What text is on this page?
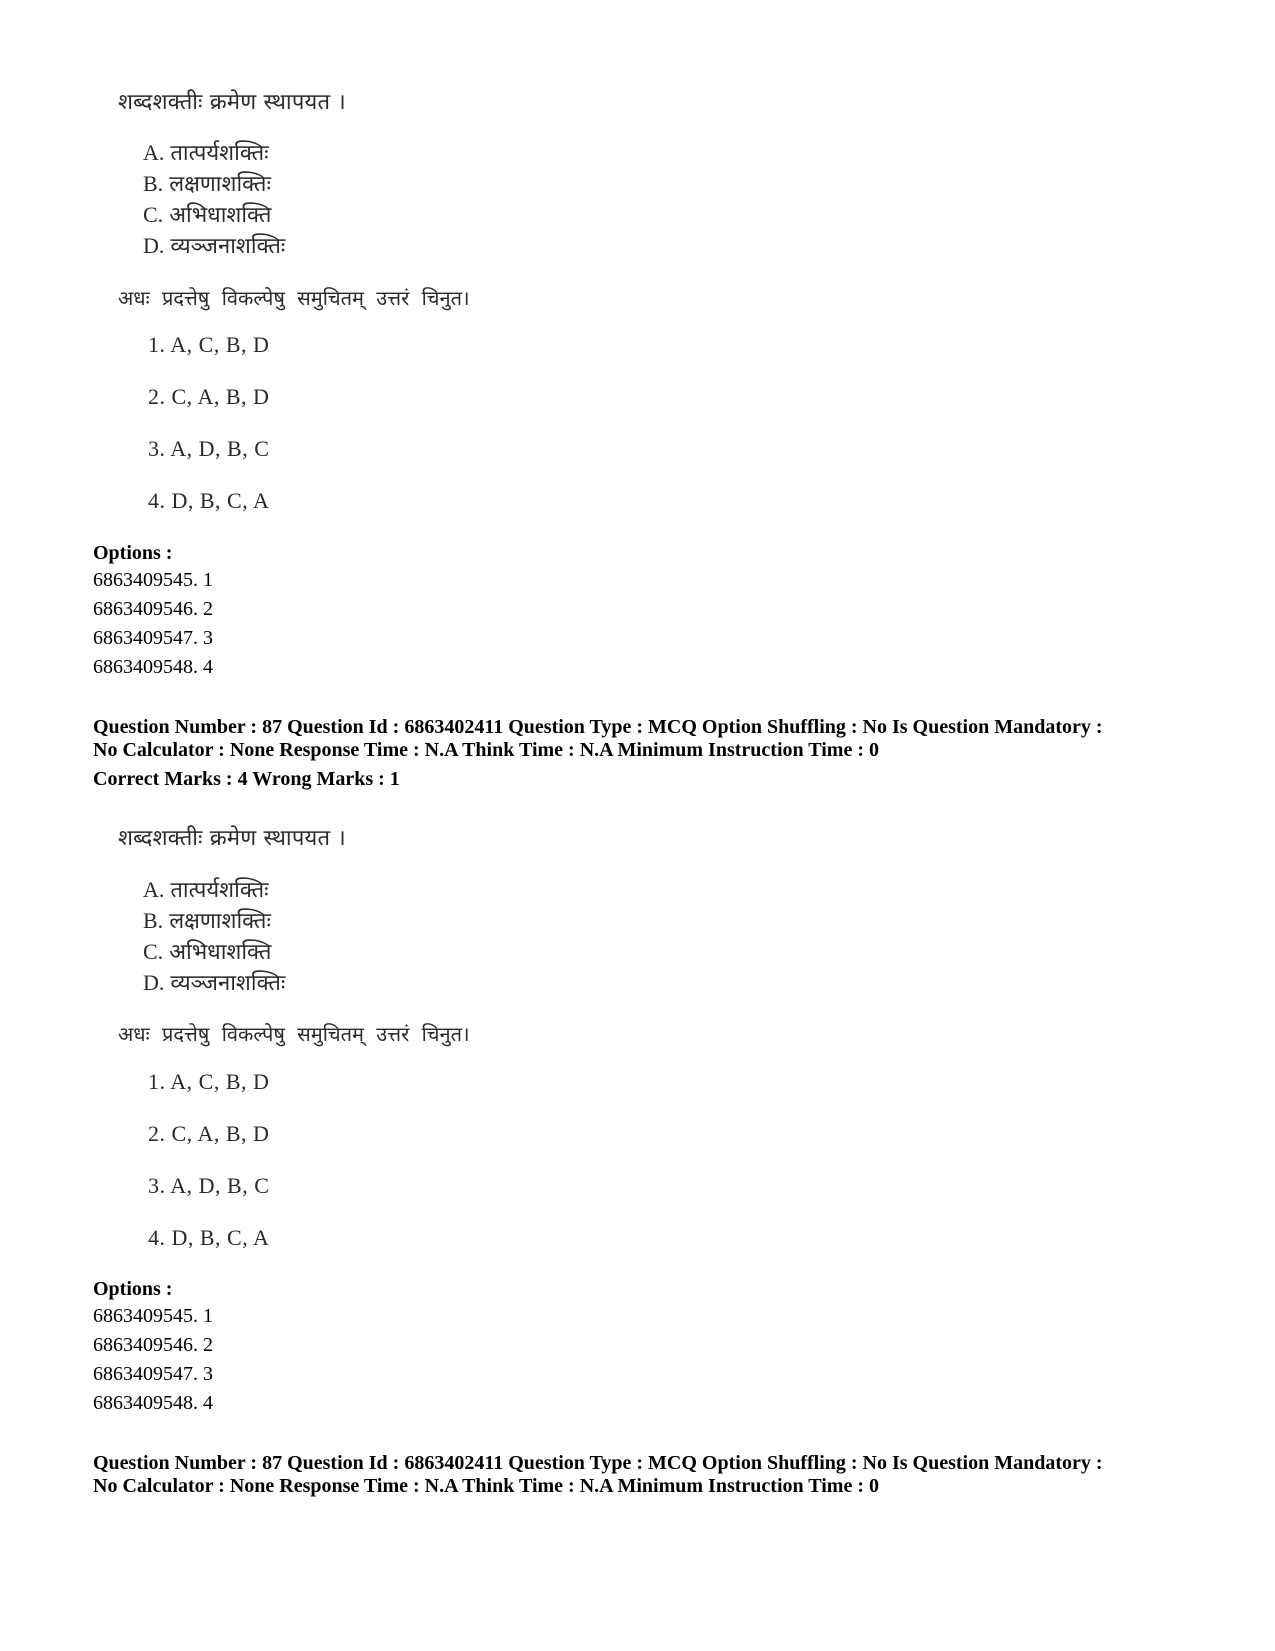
शब्दशक्तीः क्रमेण स्थापयत ।
A. तात्पर्यशक्तिः
B. लक्षणाशक्तिः
C. अभिधाशक्ति
D. व्यञ्जनाशक्तिः
अधः प्रदत्तेषु विकल्पेषु समुचितम् उत्तरं चिनुत।
1. A, C, B, D
2. C, A, B, D
3. A, D, B, C
4. D, B, C, A
Options :
6863409545. 1
6863409546. 2
6863409547. 3
6863409548. 4
Question Number : 87 Question Id : 6863402411 Question Type : MCQ Option Shuffling : No Is Question Mandatory :
No Calculator : None Response Time : N.A Think Time : N.A Minimum Instruction Time : 0
Correct Marks : 4 Wrong Marks : 1
शब्दशक्तीः क्रमेण स्थापयत ।
A. तात्पर्यशक्तिः
B. लक्षणाशक्तिः
C. अभिधाशक्ति
D. व्यञ्जनाशक्तिः
अधः प्रदत्तेषु विकल्पेषु समुचितम् उत्तरं चिनुत।
1. A, C, B, D
2. C, A, B, D
3. A, D, B, C
4. D, B, C, A
Options :
6863409545. 1
6863409546. 2
6863409547. 3
6863409548. 4
Question Number : 87 Question Id : 6863402411 Question Type : MCQ Option Shuffling : No Is Question Mandatory :
No Calculator : None Response Time : N.A Think Time : N.A Minimum Instruction Time : 0
